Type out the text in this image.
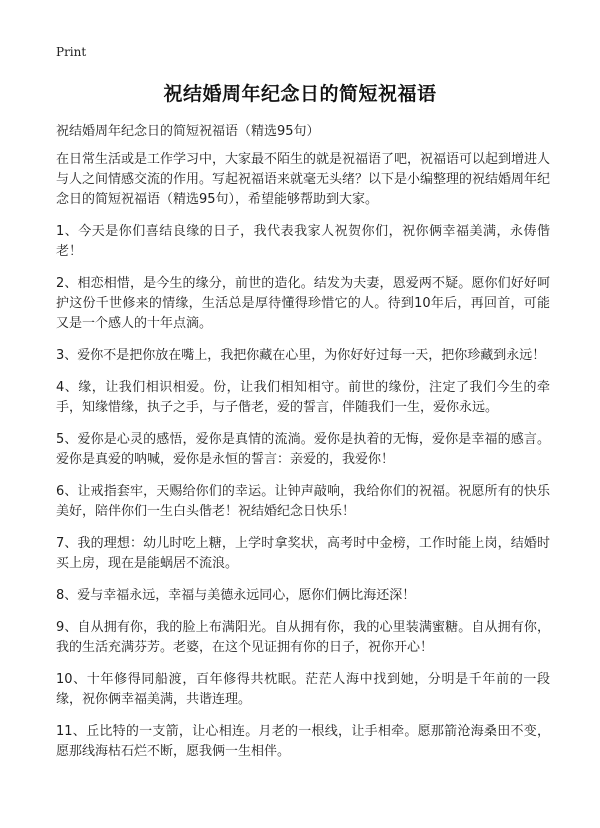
Print
祝结婚周年纪念日的简短祝福语
祝结婚周年纪念日的简短祝福语（精选95句）

在日常生活或是工作学习中，大家最不陌生的就是祝福语了吧，祝福语可以起到增进人与人之间情感交流的作用。写起祝福语来就毫无头绪？以下是小编整理的祝结婚周年纪念日的简短祝福语（精选95句），希望能够帮助到大家。

1、今天是你们喜结良缘的日子，我代表我家人祝贺你们，祝你俩幸福美满，永俦偕老！

2、相恋相惜，是今生的缘分，前世的造化。结发为夫妻，恩爱两不疑。愿你们好好呵护这份千世修来的情缘，生活总是厚待懂得珍惜它的人。待到10年后，再回首，可能又是一个感人的十年点滴。

3、爱你不是把你放在嘴上，我把你藏在心里，为你好好过每一天，把你珍藏到永远！

4、缘，让我们相识相爱。份，让我们相知相守。前世的缘份，注定了我们今生的牵手，知缘惜缘，执子之手，与子偕老，爱的誓言，伴随我们一生，爱你永远。

5、爱你是心灵的感悟，爱你是真情的流淌。爱你是执着的无悔，爱你是幸福的感言。爱你是真爱的呐喊，爱你是永恒的誓言：亲爱的，我爱你！

6、让戒指套牢，天赐给你们的幸运。让钟声敲响，我给你们的祝福。祝愿所有的快乐美好，陪伴你们一生白头偕老！祝结婚纪念日快乐！

7、我的理想：幼儿时吃上糖，上学时拿奖状，高考时中金榜，工作时能上岗，结婚时买上房，现在是能蜗居不流浪。

8、爱与幸福永远，幸福与美德永远同心，愿你们俩比海还深！

9、自从拥有你，我的脸上布满阳光。自从拥有你，我的心里装满蜜糖。自从拥有你，我的生活充满芬芳。老婆，在这个见证拥有你的日子，祝你开心！

10、十年修得同船渡，百年修得共枕眠。茫茫人海中找到她，分明是千年前的一段缘，祝你俩幸福美满，共谐连理。

11、丘比特的一支箭，让心相连。月老的一根线，让手相牵。愿那箭沧海桑田不变，愿那线海枯石烂不断，愿我俩一生相伴。
